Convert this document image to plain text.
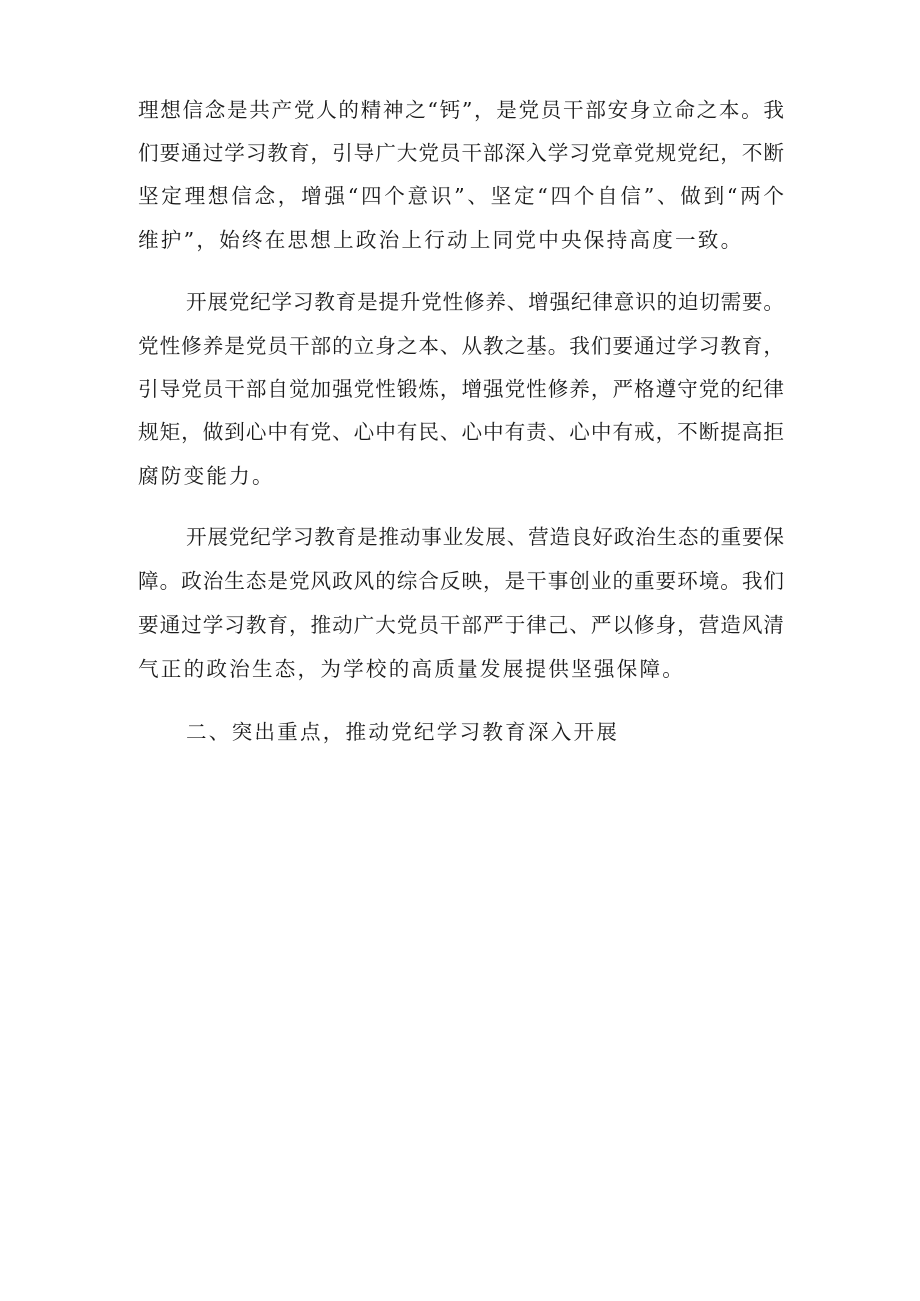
理想信念是共产党人的精神之“钙”，是党员干部安身立命之本。我
们要通过学习教育，引导广大党员干部深入学习党章党规党纪，不断
坚定理想信念，增强“四个意识”、坚定“四个自信”、做到“两个
维护”，始终在思想上政治上行动上同党中央保持高度一致。
开展党纪学习教育是提升党性修养、增强纪律意识的迫切需要。
党性修养是党员干部的立身之本、从教之基。我们要通过学习教育，
引导党员干部自觉加强党性锻炼，增强党性修养，严格遵守党的纪律
规矩，做到心中有党、心中有民、心中有责、心中有戒，不断提高拒
腐防变能力。
开展党纪学习教育是推动事业发展、营造良好政治生态的重要保
障。政治生态是党风政风的综合反映，是干事创业的重要环境。我们
要通过学习教育，推动广大党员干部严于律己、严以修身，营造风清
气正的政治生态，为学校的高质量发展提供坚强保障。
二、突出重点，推动党纪学习教育深入开展
